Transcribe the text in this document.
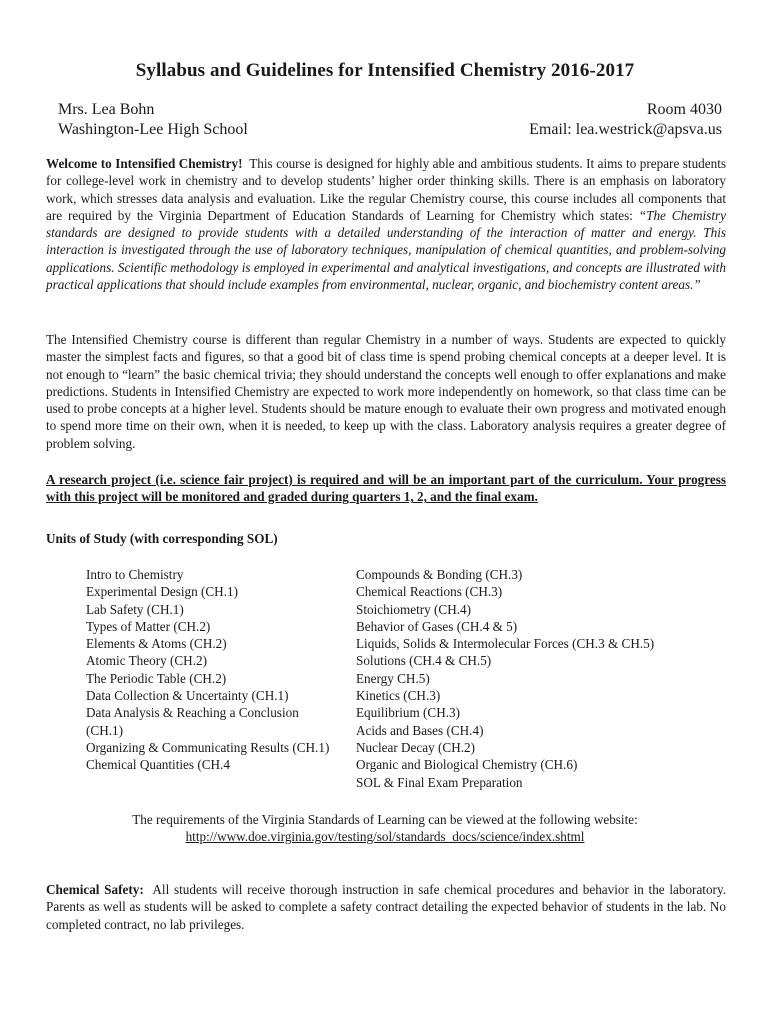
Syllabus and Guidelines for Intensified Chemistry 2016-2017
Mrs. Lea Bohn
Washington-Lee High School
Room 4030
Email: lea.westrick@apsva.us
Welcome to Intensified Chemistry! This course is designed for highly able and ambitious students. It aims to prepare students for college-level work in chemistry and to develop students’ higher order thinking skills. There is an emphasis on laboratory work, which stresses data analysis and evaluation. Like the regular Chemistry course, this course includes all components that are required by the Virginia Department of Education Standards of Learning for Chemistry which states: “The Chemistry standards are designed to provide students with a detailed understanding of the interaction of matter and energy. This interaction is investigated through the use of laboratory techniques, manipulation of chemical quantities, and problem-solving applications. Scientific methodology is employed in experimental and analytical investigations, and concepts are illustrated with practical applications that should include examples from environmental, nuclear, organic, and biochemistry content areas.”
The Intensified Chemistry course is different than regular Chemistry in a number of ways. Students are expected to quickly master the simplest facts and figures, so that a good bit of class time is spend probing chemical concepts at a deeper level. It is not enough to “learn” the basic chemical trivia; they should understand the concepts well enough to offer explanations and make predictions. Students in Intensified Chemistry are expected to work more independently on homework, so that class time can be used to probe concepts at a higher level. Students should be mature enough to evaluate their own progress and motivated enough to spend more time on their own, when it is needed, to keep up with the class. Laboratory analysis requires a greater degree of problem solving.
A research project (i.e. science fair project) is required and will be an important part of the curriculum. Your progress with this project will be monitored and graded during quarters 1, 2, and the final exam.
Units of Study (with corresponding SOL)
Intro to Chemistry
Experimental Design (CH.1)
Lab Safety (CH.1)
Types of Matter (CH.2)
Elements & Atoms (CH.2)
Atomic Theory (CH.2)
The Periodic Table (CH.2)
Data Collection & Uncertainty (CH.1)
Data Analysis & Reaching a Conclusion (CH.1)
Organizing & Communicating Results (CH.1)
Chemical Quantities (CH.4
Compounds & Bonding (CH.3)
Chemical Reactions (CH.3)
Stoichiometry (CH.4)
Behavior of Gases (CH.4 & 5)
Liquids, Solids & Intermolecular Forces (CH.3 & CH.5)
Solutions (CH.4 & CH.5)
Energy CH.5)
Kinetics (CH.3)
Equilibrium (CH.3)
Acids and Bases (CH.4)
Nuclear Decay (CH.2)
Organic and Biological Chemistry (CH.6)
SOL & Final Exam Preparation
The requirements of the Virginia Standards of Learning can be viewed at the following website:
http://www.doe.virginia.gov/testing/sol/standards_docs/science/index.shtml
Chemical Safety: All students will receive thorough instruction in safe chemical procedures and behavior in the laboratory. Parents as well as students will be asked to complete a safety contract detailing the expected behavior of students in the lab. No completed contract, no lab privileges.
